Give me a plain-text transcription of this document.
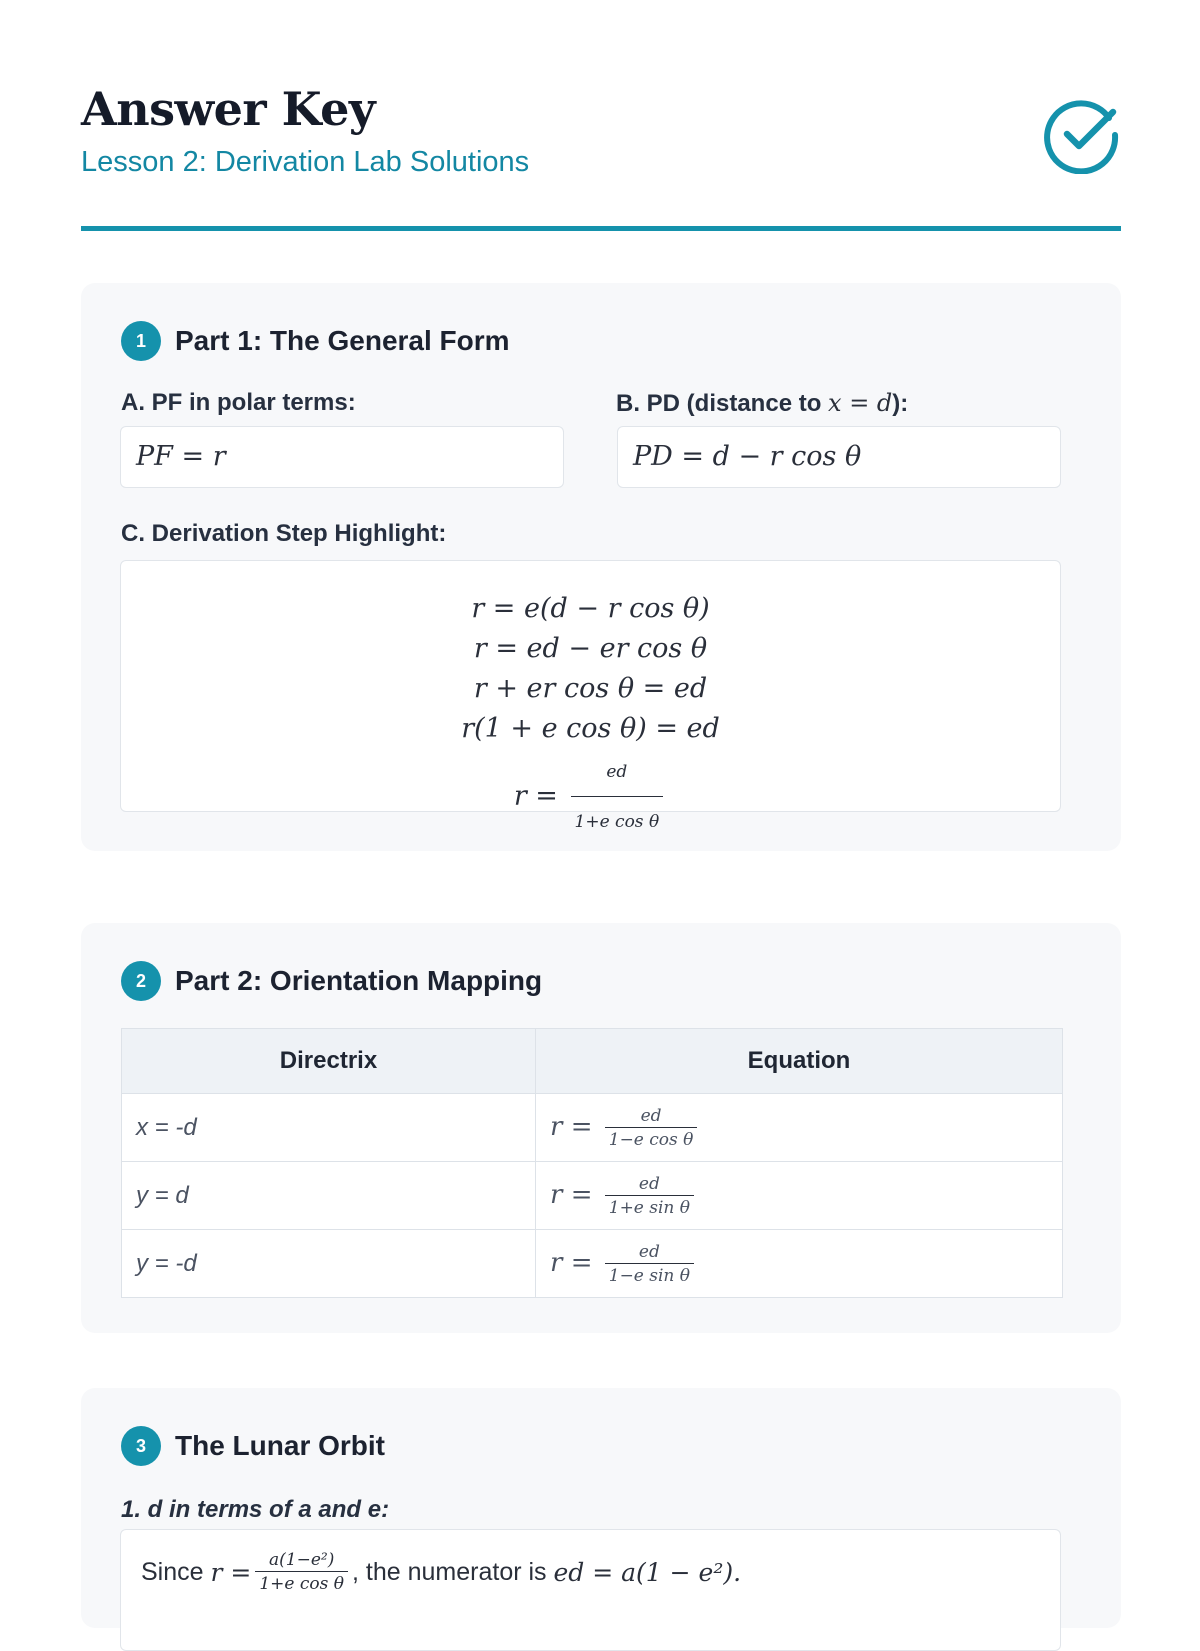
Answer Key
Lesson 2: Derivation Lab Solutions
1	Part 1: The General Form
A. PF in polar terms:
PF = r
B. PD (distance to x = d):
PD = d − r cos θ
C. Derivation Step Highlight:
r = e(d − r cos θ)
r = ed − er cos θ
r + er cos θ = ed
r(1 + e cos θ) = ed
$r = \frac{ed}{\text{1+e cos θ}}$
2	Part 2: Orientation Mapping
Directrix	Equation
x = -d	$r = \frac{ed}{\text{1−e cos θ}}$

y = d	$r = \frac{ed}{\text{1+e sin θ}}$

y = -d	$r = \frac{ed}{\text{1−e sin θ}}$
3	The Lunar Orbit
1. d in terms of a and e:
Since
$r = \frac{\text{a(1−e²)}}{\text{1+e cos θ}}$ , the numerator is
ed = a(1 − e²).
